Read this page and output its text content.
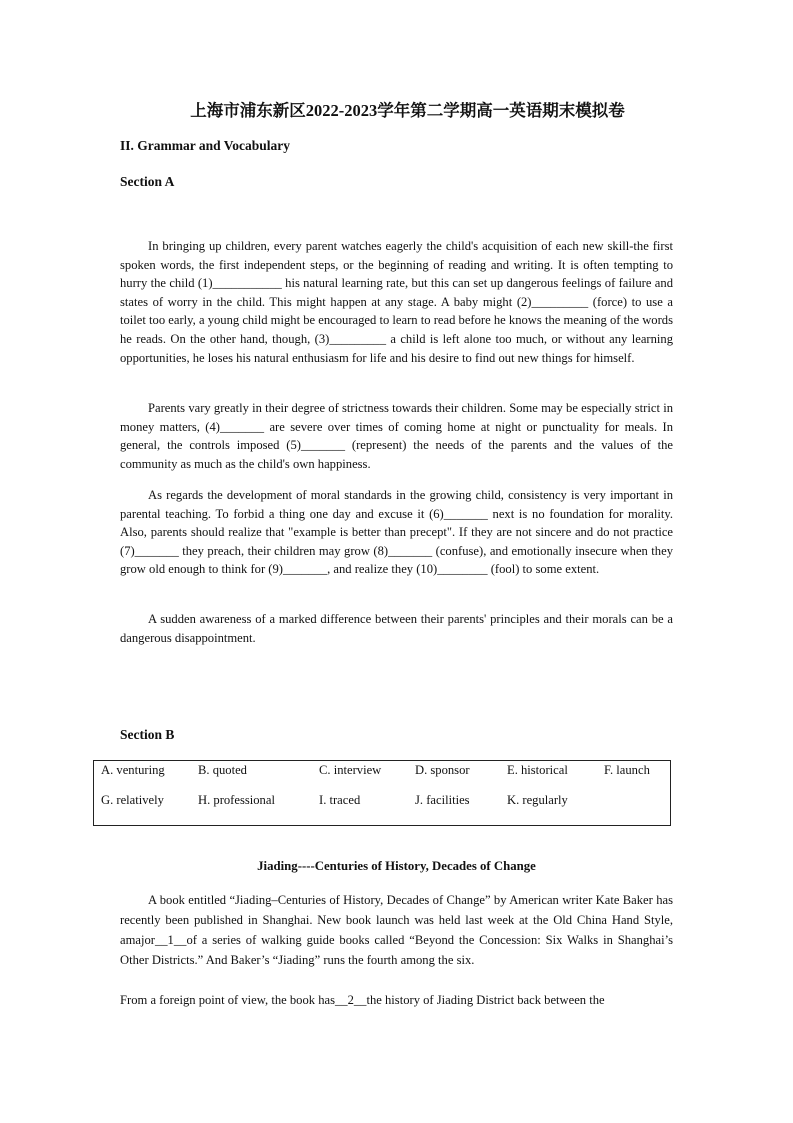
上海市浦东新区2022-2023学年第二学期高一英语期末模拟卷
II. Grammar and Vocabulary
Section A

In bringing up children, every parent watches eagerly the child's acquisition of each new skill-the first spoken words, the first independent steps, or the beginning of reading and writing. It is often tempting to hurry the child (1)___________ his natural learning rate, but this can set up dangerous feelings of failure and states of worry in the child. This might happen at any stage. A baby might (2)_________ (force) to use a toilet too early, a young child might be encouraged to learn to read before he knows the meaning of the words he reads. On the other hand, though, (3)_________ a child is left alone too much, or without any learning opportunities, he loses his natural enthusiasm for life and his desire to find out new things for himself.

Parents vary greatly in their degree of strictness towards their children. Some may be especially strict in money matters, (4)_______ are severe over times of coming home at night or punctuality for meals. In general, the controls imposed (5)_______ (represent) the needs of the parents and the values of the community as much as the child's own happiness.

As regards the development of moral standards in the growing child, consistency is very important in parental teaching. To forbid a thing one day and excuse it (6)_______ next is no foundation for morality. Also, parents should realize that "example is better than precept". If they are not sincere and do not practice (7)_______ they preach, their children may grow (8)_______ (confuse), and emotionally insecure when they grow old enough to think for (9)_______, and realize they (10)________ (fool) to some extent.

A sudden awareness of a marked difference between their parents' principles and their morals can be a dangerous disappointment.

Section B
A. venturing	B. quoted	C. interview	D. sponsor	E. historical	F. launch
G. relatively	H. professional	I. traced	J. facilities	K. regularly
Jiading----Centuries of History, Decades of Change

A book entitled “Jiading–Centuries of History, Decades of Change” by American writer Kate Baker has recently been published in Shanghai. New book launch was held last week at the Old China Hand Style, amajor__1__of a series of walking guide books called “Beyond the Concession: Six Walks in Shanghai’s Other Districts.” And Baker’s “Jiading” runs the fourth among the six.

From a foreign point of view, the book has__2__the history of Jiading District back between the
